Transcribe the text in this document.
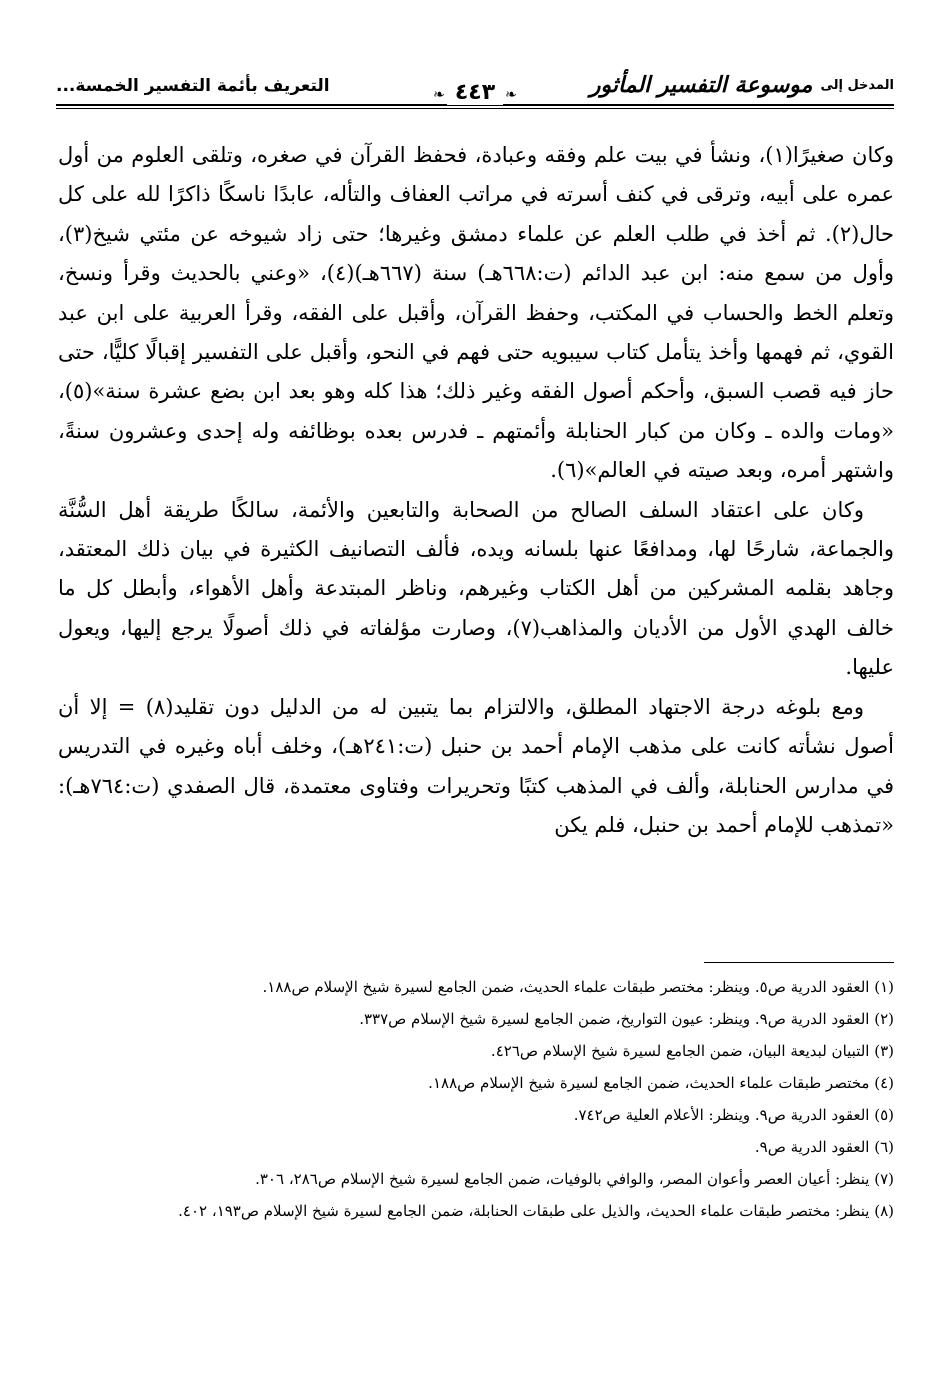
المدخل إلى
موسوعة التفسير المأثور
❧٤٤٣❧
التعريف بأئمة التفسير الخمسة...

وكان صغيرًا(١)، ونشأ في بيت علم وفقه وعبادة، فحفظ القرآن في صغره، وتلقى العلوم من أول عمره على أبيه، وترقى في كنف أسرته في مراتب العفاف والتأله، عابدًا ناسكًا ذاكرًا لله على كل حال(٢). ثم أخذ في طلب العلم عن علماء دمشق وغيرها؛ حتى زاد شيوخه عن مئتي شيخ(٣)، وأول من سمع منه: ابن عبد الدائم (ت:٦٦٨هـ) سنة (٦٦٧هـ)(٤)، «وعني بالحديث وقرأ ونسخ، وتعلم الخط والحساب في المكتب، وحفظ القرآن، وأقبل على الفقه، وقرأ العربية على ابن عبد القوي، ثم فهمها وأخذ يتأمل كتاب سيبويه حتى فهم في النحو، وأقبل على التفسير إقبالًا كليًّا، حتى حاز فيه قصب السبق، وأحكم أصول الفقه وغير ذلك؛ هذا كله وهو بعد ابن بضع عشرة سنة»(٥)، «ومات والده ـ وكان من كبار الحنابلة وأئمتهم ـ فدرس بعده بوظائفه وله إحدى وعشرون سنةً، واشتهر أمره، وبعد صيته في العالم»(٦).

وكان على اعتقاد السلف الصالح من الصحابة والتابعين والأئمة، سالكًا طريقة أهل السُّنَّة والجماعة، شارحًا لها، ومدافعًا عنها بلسانه ويده، فألف التصانيف الكثيرة في بيان ذلك المعتقد، وجاهد بقلمه المشركين من أهل الكتاب وغيرهم، وناظر المبتدعة وأهل الأهواء، وأبطل كل ما خالف الهدي الأول من الأديان والمذاهب(٧)، وصارت مؤلفاته في ذلك أصولًا يرجع إليها، ويعول عليها.

ومع بلوغه درجة الاجتهاد المطلق، والالتزام بما يتبين له من الدليل دون تقليد(٨) = إلا أن أصول نشأته كانت على مذهب الإمام أحمد بن حنبل (ت:٢٤١هـ)، وخلف أباه وغيره في التدريس في مدارس الحنابلة، وألف في المذهب كتبًا وتحريرات وفتاوى معتمدة، قال الصفدي (ت:٧٦٤هـ): «تمذهب للإمام أحمد بن حنبل، فلم يكن

(١) العقود الدرية ص٥. وينظر: مختصر طبقات علماء الحديث، ضمن الجامع لسيرة شيخ الإسلام ص١٨٨.
(٢) العقود الدرية ص٩. وينظر: عيون التواريخ، ضمن الجامع لسيرة شيخ الإسلام ص٣٣٧.
(٣) التبيان لبديعة البيان، ضمن الجامع لسيرة شيخ الإسلام ص٤٢٦.
(٤) مختصر طبقات علماء الحديث، ضمن الجامع لسيرة شيخ الإسلام ص١٨٨.
(٥) العقود الدرية ص٩. وينظر: الأعلام العلية ص٧٤٢.
(٦) العقود الدرية ص٩.
(٧) ينظر: أعيان العصر وأعوان المصر، والوافي بالوفيات، ضمن الجامع لسيرة شيخ الإسلام ص٢٨٦، ٣٠٦.
(٨) ينظر: مختصر طبقات علماء الحديث، والذيل على طبقات الحنابلة، ضمن الجامع لسيرة شيخ الإسلام ص١٩٣، ٤٠٢.
